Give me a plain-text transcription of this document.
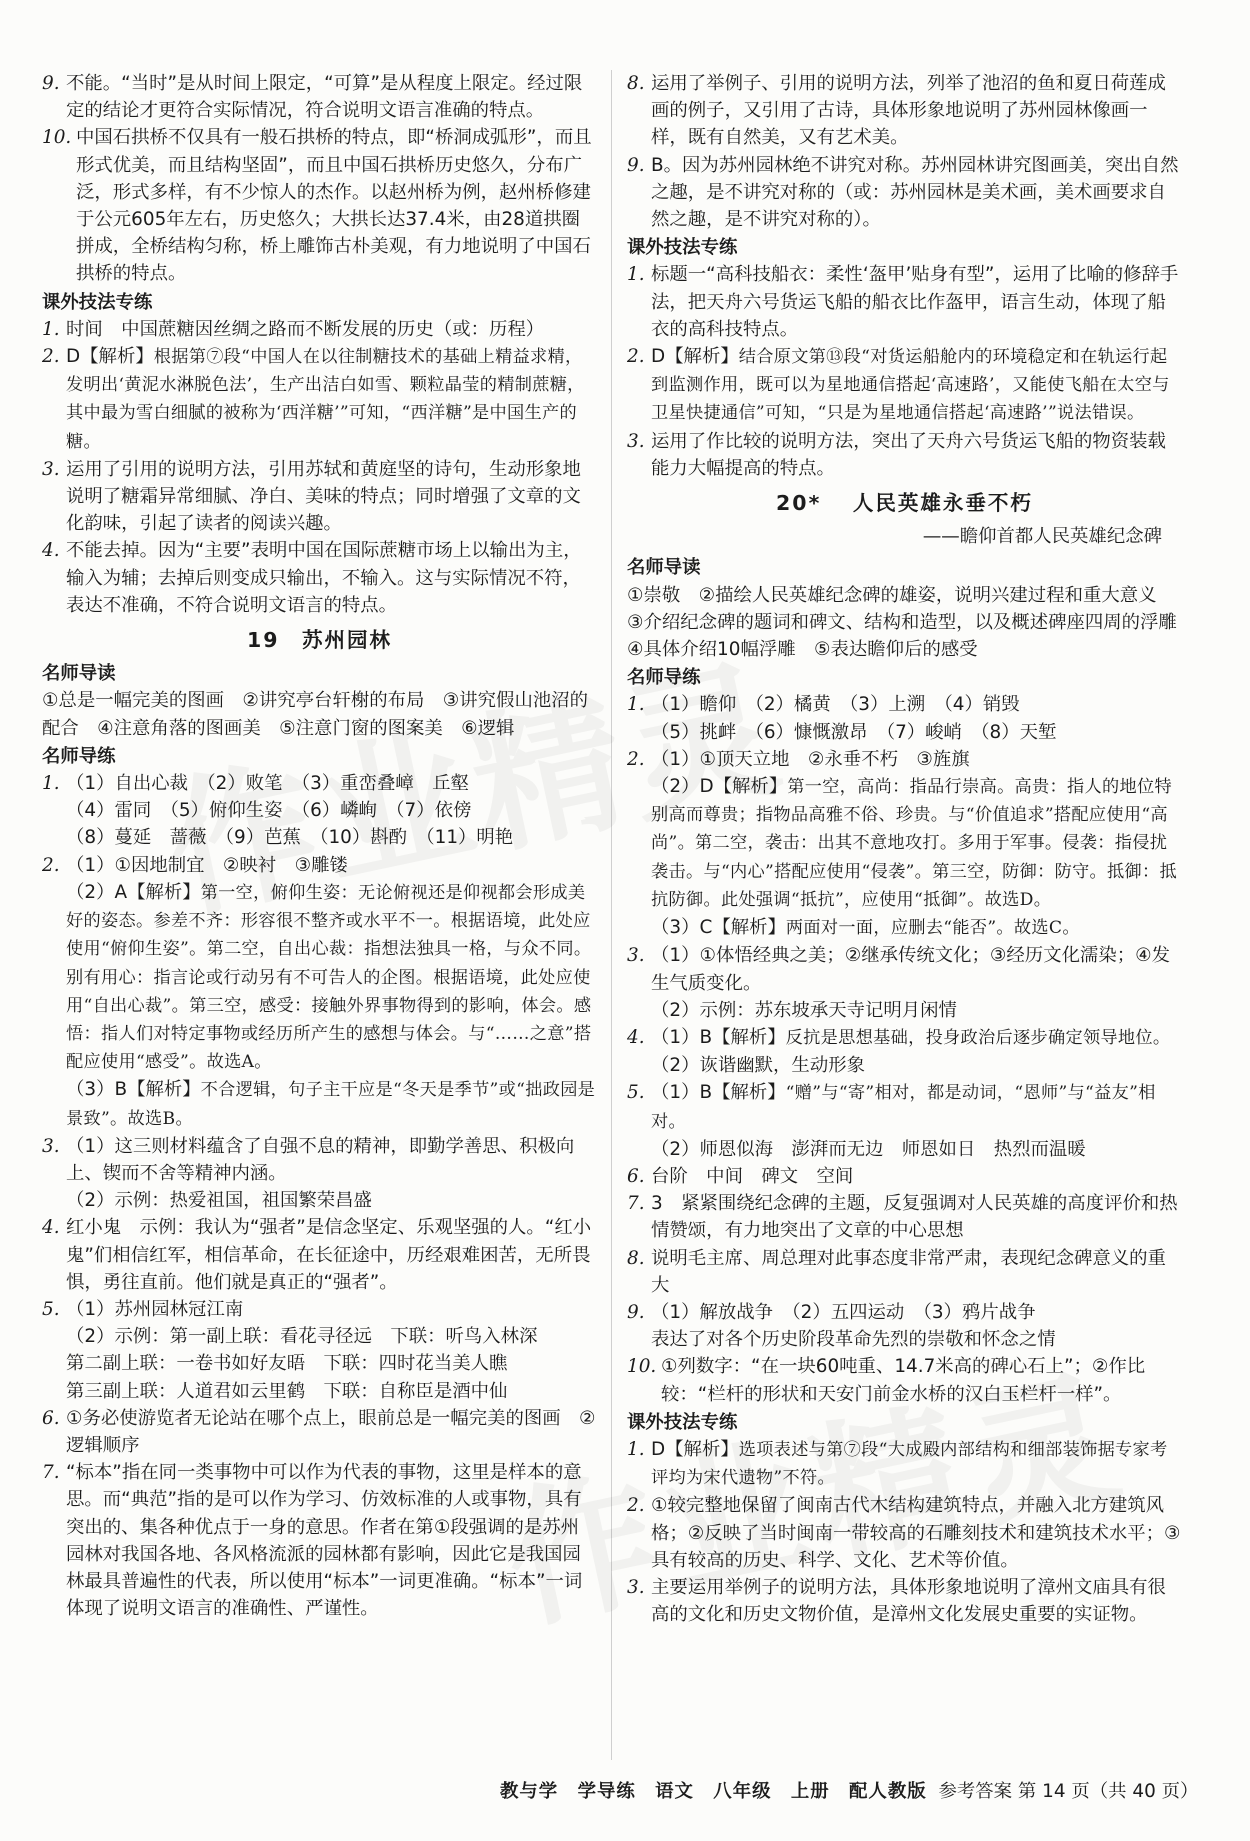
9. 不能。“当时”是从时间上限定，“可算”是从程度上限定。经过限定的结论才更符合实际情况，符合说明文语言准确的特点。
10. 中国石拱桥不仅具有一般石拱桥的特点，即“桥洞成弧形”，而且形式优美，而且结构坚固”，而且中国石拱桥历史悠久，分布广泛，形式多样，有不少惊人的杰作。以赵州桥为例，赵州桥修建于公元605年左右，历史悠久；大拱长达37.4米，由28道拱圈拼成，全桥结构匀称，桥上雕饰古朴美观，有力地说明了中国石拱桥的特点。
课外技法专练
1. 时间　中国蔗糖因丝绸之路而不断发展的历史（或：历程）
2. D【解析】根据第⑦段“中国人在以往制糖技术的基础上精益求精，发明出‘黄泥水淋脱色法’，生产出洁白如雪、颗粒晶莹的精制蔗糖，其中最为雪白细腻的被称为‘西洋糖’”可知，“西洋糖”是中国生产的糖。
3. 运用了引用的说明方法，引用苏轼和黄庭坚的诗句，生动形象地说明了糖霜异常细腻、净白、美味的特点；同时增强了文章的文化韵味，引起了读者的阅读兴趣。
4. 不能去掉。因为“主要”表明中国在国际蔗糖市场上以输出为主，输入为辅；去掉后则变成只输出，不输入。这与实际情况不符，表达不准确，不符合说明文语言的特点。
19　苏州园林
名师导读
①总是一幅完美的图画　②讲究亭台轩榭的布局　③讲究假山池沼的配合　④注意角落的图画美　⑤注意门窗的图案美　⑥逻辑
名师导练
1. （1）自出心裁　（2）败笔　（3）重峦叠嶂　丘壑
（4）雷同　（5）俯仰生姿　（6）嶙峋　（7）依傍
（8）蔓延　蔷薇　（9）芭蕉　（10）斟酌　（11）明艳
2. （1）①因地制宜　②映衬　③雕镂
（2）A【解析】第一空，俯仰生姿：无论俯视还是仰视都会形成美好的姿态。参差不齐：形容很不整齐或水平不一。根据语境，此处应使用“俯仰生姿”。第二空，自出心裁：指想法独具一格，与众不同。别有用心：指言论或行动另有不可告人的企图。根据语境，此处应使用“自出心裁”。第三空，感受：接触外界事物得到的影响，体会。感悟：指人们对特定事物或经历所产生的感想与体会。与“……之意”搭配应使用“感受”。故选A。
（3）B【解析】不合逻辑，句子主干应是“冬天是季节”或“拙政园是景致”。故选B。
3. （1）这三则材料蕴含了自强不息的精神，即勤学善思、积极向上、锲而不舍等精神内涵。
（2）示例：热爱祖国，祖国繁荣昌盛
4. 红小鬼　示例：我认为“强者”是信念坚定、乐观坚强的人。“红小鬼”们相信红军，相信革命，在长征途中，历经艰难困苦，无所畏惧，勇往直前。他们就是真正的“强者”。
5. （1）苏州园林冠江南
（2）示例：第一副上联：看花寻径远　下联：听鸟入林深
第二副上联：一卷书如好友晤　下联：四时花当美人瞧
第三副上联：人道君如云里鹤　下联：自称臣是酒中仙
6. ①务必使游览者无论站在哪个点上，眼前总是一幅完美的图画　②逻辑顺序
7. “标本”指在同一类事物中可以作为代表的事物，这里是样本的意思。而“典范”指的是可以作为学习、仿效标准的人或事物，具有突出的、集各种优点于一身的意思。作者在第①段强调的是苏州园林对我国各地、各风格流派的园林都有影响，因此它是我国园林最具普遍性的代表，所以使用“标本”一词更准确。“标本”一词体现了说明文语言的准确性、严谨性。
8. 运用了举例子、引用的说明方法，列举了池沼的鱼和夏日荷莲成画的例子，又引用了古诗，具体形象地说明了苏州园林像画一样，既有自然美，又有艺术美。
9. B。因为苏州园林绝不讲究对称。苏州园林讲究图画美，突出自然之趣，是不讲究对称的（或：苏州园林是美术画，美术画要求自然之趣，是不讲究对称的）。
课外技法专练
1. 标题一“高科技船衣：柔性‘盔甲’贴身有型”，运用了比喻的修辞手法，把天舟六号货运飞船的船衣比作盔甲，语言生动，体现了船衣的高科技特点。
2. D【解析】结合原文第⑬段“对货运船舱内的环境稳定和在轨运行起到监测作用，既可以为星地通信搭起‘高速路’，又能使飞船在太空与卫星快捷通信”可知，“只是为星地通信搭起‘高速路’”说法错误。
3. 运用了作比较的说明方法，突出了天舟六号货运飞船的物资装载能力大幅提高的特点。
20* 　人民英雄永垂不朽
——瞻仰首都人民英雄纪念碑
名师导读
①崇敬　②描绘人民英雄纪念碑的雄姿，说明兴建过程和重大意义　③介绍纪念碑的题词和碑文、结构和造型，以及概述碑座四周的浮雕　④具体介绍10幅浮雕　⑤表达瞻仰后的感受
名师导练
1. （1）瞻仰　（2）橘黄　（3）上溯　（4）销毁
（5）挑衅　（6）慷慨激昂　（7）峻峭　（8）天堑
2. （1）①顶天立地　②永垂不朽　③旌旗
（2）D【解析】第一空，高尚：指品行崇高。高贵：指人的地位特别高而尊贵；指物品高雅不俗、珍贵。与“价值追求”搭配应使用“高尚”。第二空，袭击：出其不意地攻打。多用于军事。侵袭：指侵扰袭击。与“内心”搭配应使用“侵袭”。第三空，防御：防守。抵御：抵抗防御。此处强调“抵抗”，应使用“抵御”。故选D。
（3）C【解析】两面对一面，应删去“能否”。故选C。
3. （1）①体悟经典之美；②继承传统文化；③经历文化濡染；④发生气质变化。
（2）示例：苏东坡承天寺记明月闲情
4. （1）B【解析】反抗是思想基础，投身政治后逐步确定领导地位。
（2）诙谐幽默，生动形象
5. （1）B【解析】“赠”与“寄”相对，都是动词，“恩师”与“益友”相对。
（2）师恩似海　澎湃而无边　师恩如日　热烈而温暖
6. 台阶　中间　碑文　空间
7. 3　紧紧围绕纪念碑的主题，反复强调对人民英雄的高度评价和热情赞颂，有力地突出了文章的中心思想
8. 说明毛主席、周总理对此事态度非常严肃，表现纪念碑意义的重大
9. （1）解放战争　（2）五四运动　（3）鸦片战争
表达了对各个历史阶段革命先烈的崇敬和怀念之情
10. ①列数字：“在一块60吨重、14.7米高的碑心石上”；②作比较：“栏杆的形状和天安门前金水桥的汉白玉栏杆一样”。
课外技法专练
1. D【解析】选项表述与第⑦段“大成殿内部结构和细部装饰据专家考评均为宋代遗物”不符。
2. ①较完整地保留了闽南古代木结构建筑特点，并融入北方建筑风格；②反映了当时闽南一带较高的石雕刻技术和建筑技术水平；③具有较高的历史、科学、文化、艺术等价值。
3. 主要运用举例子的说明方法，具体形象地说明了漳州文庙具有很高的文化和历史文物价值，是漳州文化发展史重要的实证物。
教与学　学导练　语文　八年级　上册　配人教版 参考答案 第 14 页（共 40 页）
